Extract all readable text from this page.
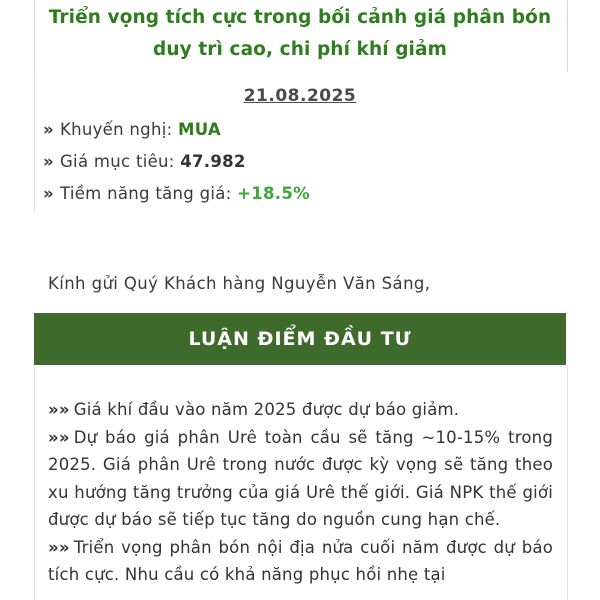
Triển vọng tích cực trong bối cảnh giá phân bón
duy trì cao, chi phí khí giảm
21.08.2025
» Khuyến nghị: MUA
» Giá mục tiêu: 47.982
» Tiềm năng tăng giá: +18.5%
Kính gửi Quý Khách hàng Nguyễn Văn Sáng,
LUẬN ĐIỂM ĐẦU TƯ

»» Giá khí đầu vào năm 2025 được dự báo giảm.

»» Dự báo giá phân Urê toàn cầu sẽ tăng ~10-15% trong 2025. Giá phân Urê trong nước được kỳ vọng sẽ tăng theo xu hướng tăng trưởng của giá Urê thế giới. Giá NPK thế giới được dự báo sẽ tiếp tục tăng do nguồn cung hạn chế.

»» Triển vọng phân bón nội địa nửa cuối năm được dự báo tích cực. Nhu cầu có khả năng phục hồi nhẹ tại
